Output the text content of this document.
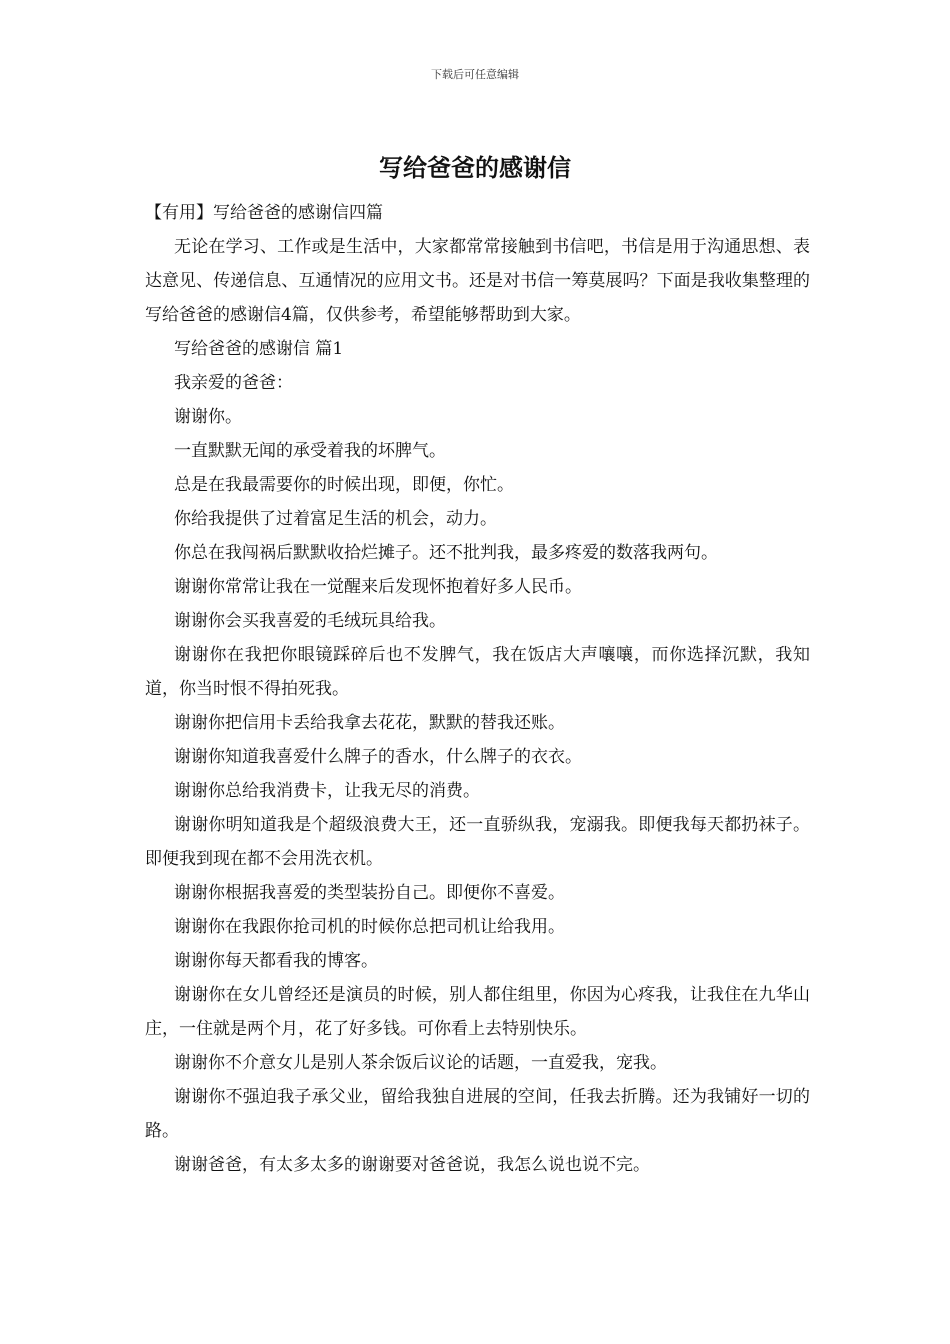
下载后可任意编辑
写给爸爸的感谢信

【有用】写给爸爸的感谢信四篇

无论在学习、工作或是生活中，大家都常常接触到书信吧，书信是用于沟通思想、表达意见、传递信息、互通情况的应用文书。还是对书信一筹莫展吗？下面是我收集整理的写给爸爸的感谢信4篇，仅供参考，希望能够帮助到大家。

写给爸爸的感谢信 篇1

我亲爱的爸爸：

谢谢你。

一直默默无闻的承受着我的坏脾气。

总是在我最需要你的时候出现，即便，你忙。

你给我提供了过着富足生活的机会，动力。

你总在我闯祸后默默收拾烂摊子。还不批判我，最多疼爱的数落我两句。

谢谢你常常让我在一觉醒来后发现怀抱着好多人民币。

谢谢你会买我喜爱的毛绒玩具给我。

谢谢你在我把你眼镜踩碎后也不发脾气，我在饭店大声嚷嚷，而你选择沉默，我知道，你当时恨不得拍死我。

谢谢你把信用卡丢给我拿去花花，默默的替我还账。

谢谢你知道我喜爱什么牌子的香水，什么牌子的衣衣。

谢谢你总给我消费卡，让我无尽的消费。

谢谢你明知道我是个超级浪费大王，还一直骄纵我，宠溺我。即便我每天都扔袜子。即便我到现在都不会用洗衣机。

谢谢你根据我喜爱的类型装扮自己。即便你不喜爱。

谢谢你在我跟你抢司机的时候你总把司机让给我用。

谢谢你每天都看我的博客。

谢谢你在女儿曾经还是演员的时候，别人都住组里，你因为心疼我，让我住在九华山庄，一住就是两个月，花了好多钱。可你看上去特别快乐。

谢谢你不介意女儿是别人茶余饭后议论的话题，一直爱我，宠我。

谢谢你不强迫我子承父业，留给我独自进展的空间，任我去折腾。还为我铺好一切的路。

谢谢爸爸，有太多太多的谢谢要对爸爸说，我怎么说也说不完。
